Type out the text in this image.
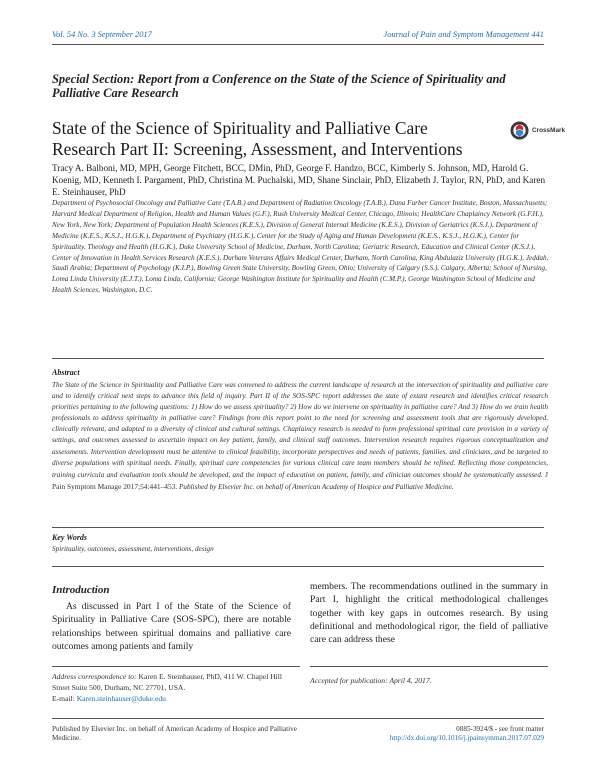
Vol. 54 No. 3 September 2017	Journal of Pain and Symptom Management 441
Special Section: Report from a Conference on the State of the Science of Spirituality and Palliative Care Research
State of the Science of Spirituality and Palliative Care Research Part II: Screening, Assessment, and Interventions
CrossMark
Tracy A. Balboni, MD, MPH, George Fitchett, BCC, DMin, PhD, George F. Handzo, BCC, Kimberly S. Johnson, MD, Harold G. Koenig, MD, Kenneth I. Pargament, PhD, Christina M. Puchalski, MD, Shane Sinclair, PhD, Elizabeth J. Taylor, RN, PhD, and Karen E. Steinhauser, PhD
Department of Psychosocial Oncology and Palliative Care (T.A.B.) and Department of Radiation Oncology (T.A.B.), Dana Farber Cancer Institute, Boston, Massachusetts; Harvard Medical Department of Religion, Health and Human Values (G.F.), Rush University Medical Center, Chicago, Illinois; HealthCare Chaplaincy Network (G.F.H.), New York, New York; Department of Population Health Sciences (K.E.S.), Division of General Internal Medicine (K.E.S.), Division of Geriatrics (K.S.J.), Department of Medicine (K.E.S., K.S.J., H.G.K.), Department of Psychiatry (H.G.K.), Center for the Study of Aging and Human Development (K.E.S., K.S.J., H.G.K.), Center for Spirituality, Theology and Health (H.G.K.), Duke University School of Medicine, Durham, North Carolina; Geriatric Research, Education and Clinical Center (K.S.J.), Center of Innovation in Health Services Research (K.E.S.), Durham Veterans Affairs Medical Center, Durham, North Carolina, King Abdulaziz University (H.G.K.), Jeddah, Saudi Arabia; Department of Psychology (K.I.P.), Bowling Green State University, Bowling Green, Ohio; University of Calgary (S.S.), Calgary, Alberta; School of Nursing, Loma Linda University (E.J.T.), Loma Linda, California; George Washington Institute for Spirituality and Health (C.M.P.), George Washington School of Medicine and Health Sciences, Washington, D.C.
Abstract
The State of the Science in Spirituality and Palliative Care was convened to address the current landscape of research at the intersection of spirituality and palliative care and to identify critical next steps to advance this field of inquiry. Part II of the SOS-SPC report addresses the state of extant research and identifies critical research priorities pertaining to the following questions: 1) How do we assess spirituality? 2) How do we intervene on spirituality in palliative care? And 3) How do we train health professionals to address spirituality in palliative care? Findings from this report point to the need for screening and assessment tools that are rigorously developed, clinically relevant, and adapted to a diversity of clinical and cultural settings. Chaplaincy research is needed to form professional spiritual care provision in a variety of settings, and outcomes assessed to ascertain impact on key patient, family, and clinical staff outcomes. Intervention research requires rigorous conceptualization and assessments. Intervention development must be attentive to clinical feasibility, incorporate perspectives and needs of patients, families, and clinicians, and be targeted to diverse populations with spiritual needs. Finally, spiritual care competencies for various clinical care team members should be refined. Reflecting those competencies, training curricula and evaluation tools should be developed, and the impact of education on patient, family, and clinician outcomes should be systematically assessed. J Pain Symptom Manage 2017;54:441–453. Published by Elsevier Inc. on behalf of American Academy of Hospice and Palliative Medicine.
Key Words
Spirituality, outcomes, assessment, interventions, design
Introduction
As discussed in Part I of the State of the Science of Spirituality in Palliative Care (SOS-SPC), there are notable relationships between spiritual domains and palliative care outcomes among patients and family
members. The recommendations outlined in the summary in Part I, highlight the critical methodological challenges together with key gaps in outcomes research. By using definitional and methodological rigor, the field of palliative care can address these
Address correspondence to: Karen E. Steinhauser, PhD, 411 W. Chapel Hill Street Suite 500, Durham, NC 27701, USA.
E-mail: Karen.steinhauser@duke.edu
Accepted for publication: April 4, 2017.
Published by Elsevier Inc. on behalf of American Academy of Hospice and Palliative Medicine.
0885-3924/$ - see front matter
http://dx.doi.org/10.1016/j.jpainsymman.2017.07.029
